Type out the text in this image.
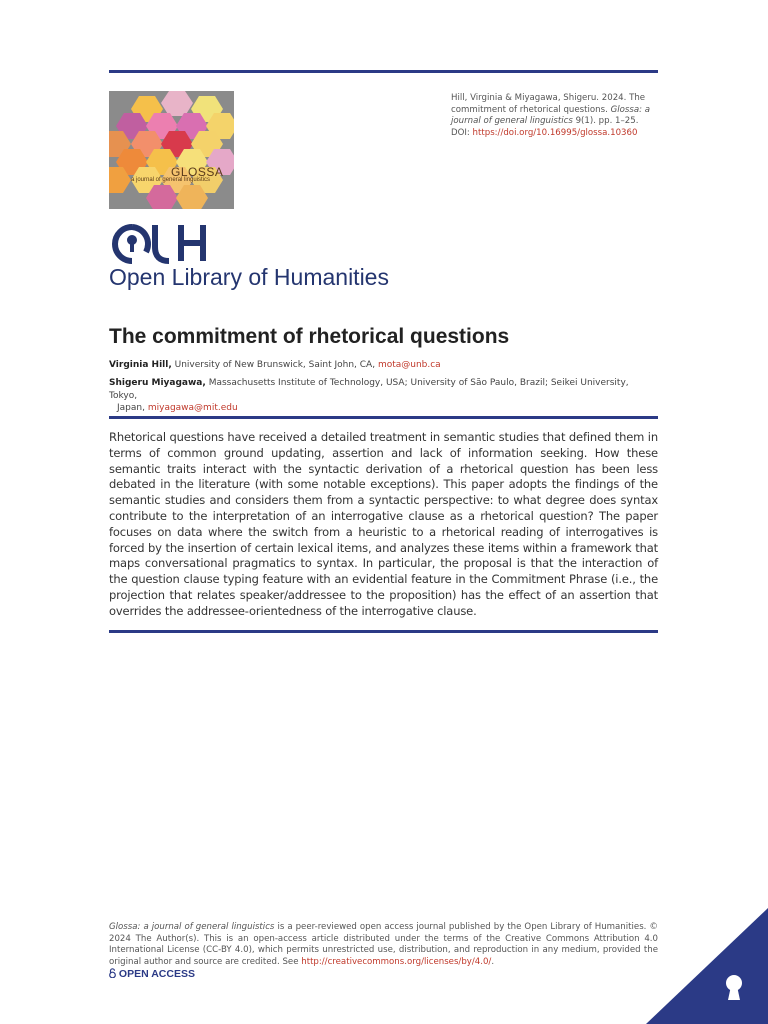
GLOSSA
a journal of general linguistics
Hill, Virginia & Miyagawa, Shigeru. 2024. The commitment of rhetorical questions. Glossa: a journal of general linguistics 9(1). pp. 1–25.
DOI: https://doi.org/10.16995/glossa.10360
Open Library of Humanities
The commitment of rhetorical questions
Virginia Hill, University of New Brunswick, Saint John, CA, mota@unb.ca
Shigeru Miyagawa, Massachusetts Institute of Technology, USA; University of São Paulo, Brazil; Seikei University, Tokyo,
Japan, miyagawa@mit.edu

Rhetorical questions have received a detailed treatment in semantic studies that defined them in terms of common ground updating, assertion and lack of information seeking. How these semantic traits interact with the syntactic derivation of a rhetorical question has been less debated in the literature (with some notable exceptions). This paper adopts the findings of the semantic studies and considers them from a syntactic perspective: to what degree does syntax contribute to the interpretation of an interrogative clause as a rhetorical question? The paper focuses on data where the switch from a heuristic to a rhetorical reading of interrogatives is forced by the insertion of certain lexical items, and analyzes these items within a framework that maps conversational pragmatics to syntax. In particular, the proposal is that the interaction of the question clause typing feature with an evidential feature in the Commitment Phrase (i.e., the projection that relates speaker/addressee to the proposition) has the effect of an assertion that overrides the addressee-orientedness of the interrogative clause.

Glossa: a journal of general linguistics is a peer-reviewed open access journal published by the Open Library of Humanities. © 2024 The Author(s). This is an open-access article distributed under the terms of the Creative Commons Attribution 4.0 International License (CC-BY 4.0), which permits unrestricted use, distribution, and reproduction in any medium, provided the original author and source are credited. See http://creativecommons.org/licenses/by/4.0/.
OPEN ACCESS
